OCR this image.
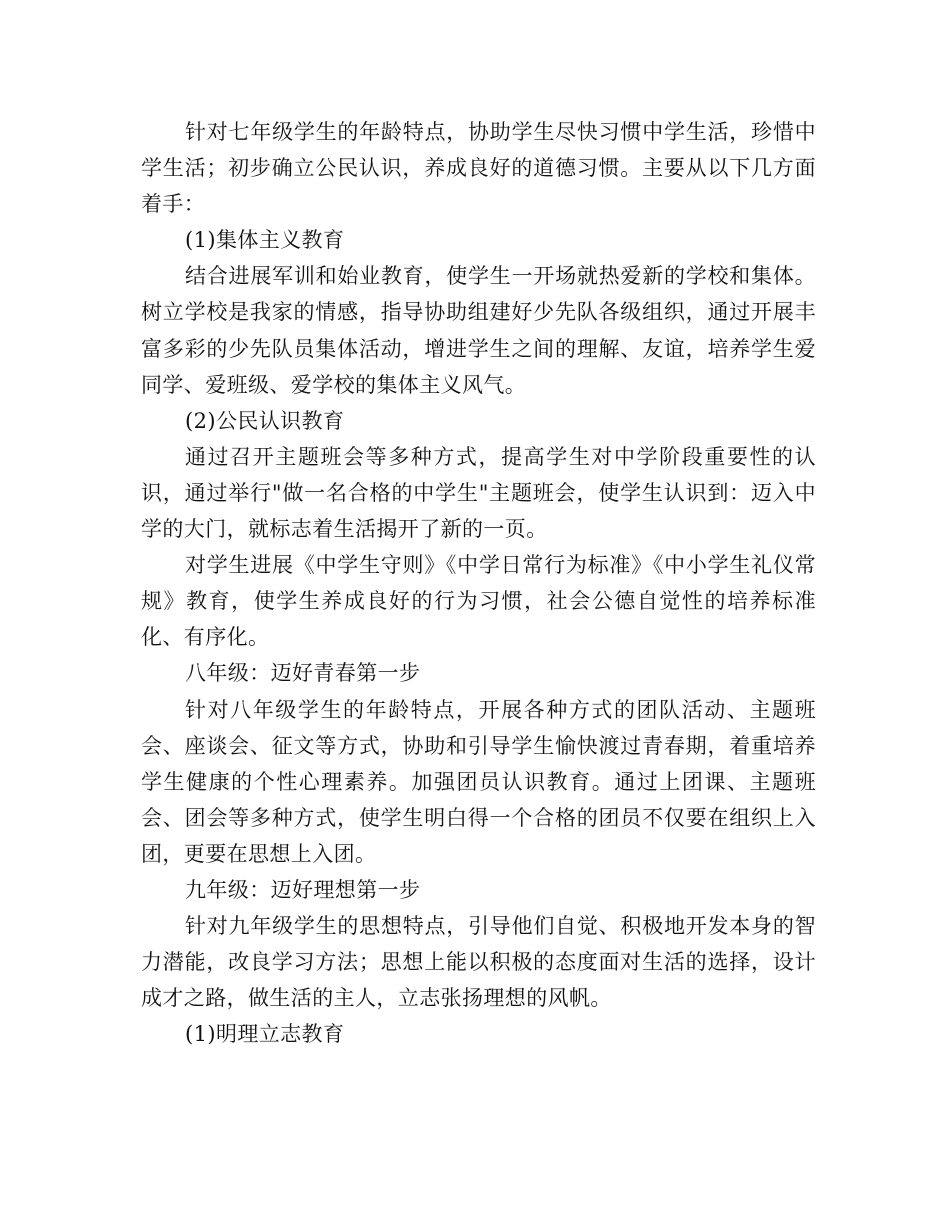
针对七年级学生的年龄特点，协助学生尽快习惯中学生活，珍惜中学生活；初步确立公民认识，养成良好的道德习惯。主要从以下几方面着手：

(1)集体主义教育

结合进展军训和始业教育，使学生一开场就热爱新的学校和集体。树立学校是我家的情感，指导协助组建好少先队各级组织，通过开展丰富多彩的少先队员集体活动，增进学生之间的理解、友谊，培养学生爱同学、爱班级、爱学校的集体主义风气。

(2)公民认识教育

通过召开主题班会等多种方式，提高学生对中学阶段重要性的认识，通过举行"做一名合格的中学生"主题班会，使学生认识到：迈入中学的大门，就标志着生活揭开了新的一页。

对学生进展《中学生守则》《中学日常行为标准》《中小学生礼仪常规》教育，使学生养成良好的行为习惯，社会公德自觉性的培养标准化、有序化。

八年级：迈好青春第一步

针对八年级学生的年龄特点，开展各种方式的团队活动、主题班会、座谈会、征文等方式，协助和引导学生愉快渡过青春期，着重培养学生健康的个性心理素养。加强团员认识教育。通过上团课、主题班会、团会等多种方式，使学生明白得一个合格的团员不仅要在组织上入团，更要在思想上入团。

九年级：迈好理想第一步

针对九年级学生的思想特点，引导他们自觉、积极地开发本身的智力潜能，改良学习方法；思想上能以积极的态度面对生活的选择，设计成才之路，做生活的主人，立志张扬理想的风帆。

(1)明理立志教育
